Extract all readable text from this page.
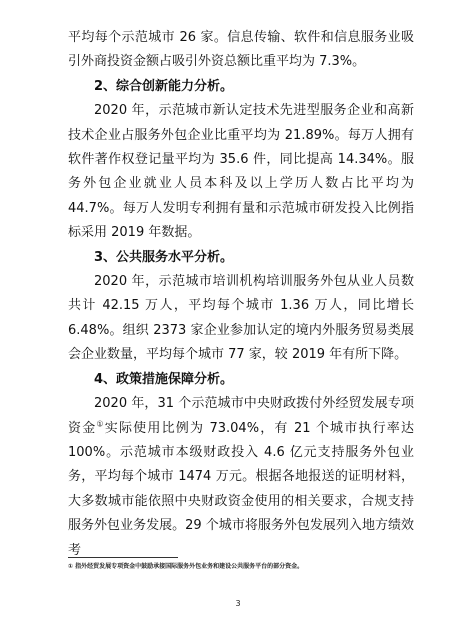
平均每个示范城市 26 家。信息传输、软件和信息服务业吸引外商投资金额占吸引外资总额比重平均为 7.3%。

2、综合创新能力分析。

2020 年，示范城市新认定技术先进型服务企业和高新技术企业占服务外包企业比重平均为 21.89%。每万人拥有软件著作权登记量平均为 35.6 件，同比提高 14.34%。服务外包企业就业人员本科及以上学历人数占比平均为 44.7%。每万人发明专利拥有量和示范城市研发投入比例指标采用 2019 年数据。

3、公共服务水平分析。

2020 年，示范城市培训机构培训服务外包从业人员数共计 42.15 万人，平均每个城市 1.36 万人，同比增长 6.48%。组织 2373 家企业参加认定的境内外服务贸易类展会企业数量，平均每个城市 77 家，较 2019 年有所下降。

4、政策措施保障分析。

2020 年，31 个示范城市中央财政拨付外经贸发展专项资金①实际使用比例为 73.04%，有 21 个城市执行率达 100%。示范城市本级财政投入 4.6 亿元支持服务外包业务，平均每个城市 1474 万元。根据各地报送的证明材料，大多数城市能依照中央财政资金使用的相关要求，合规支持服务外包业务发展。29 个城市将服务外包发展列入地方绩效考

① 指外经贸发展专项资金中鼓励承接国际服务外包业务和建设公共服务平台的部分资金。
3
